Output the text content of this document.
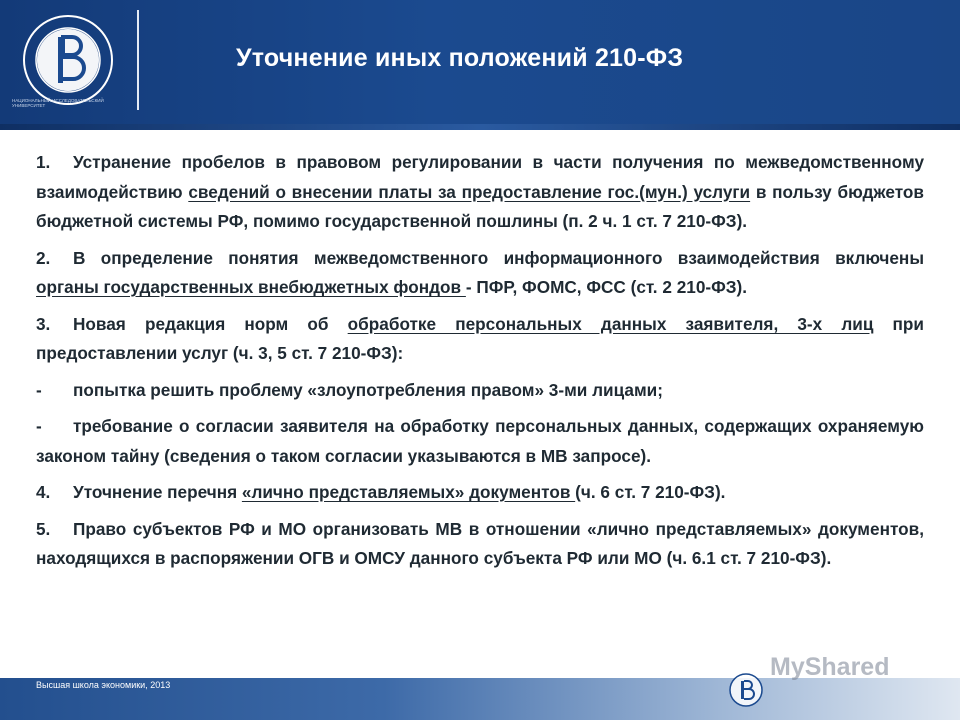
НАЦИОНАЛЬНЫЙ ИССЛЕДОВАТЕЛЬСКИЙ УНИВЕРСИТЕТ
Уточнение иных положений 210-ФЗ

1. Устранение пробелов в правовом регулировании в части получения по межведомственному взаимодействию сведений о внесении платы за предоставление гос.(мун.) услуги в пользу бюджетов бюджетной системы РФ, помимо государственной пошлины (п. 2 ч. 1 ст. 7 210-ФЗ).

2. В определение понятия межведомственного информационного взаимодействия включены органы государственных внебюджетных фондов - ПФР, ФОМС, ФСС (ст. 2 210-ФЗ).

3. Новая редакция норм об обработке персональных данных заявителя, 3-х лиц при предоставлении услуг (ч. 3, 5 ст. 7 210-ФЗ):

- попытка решить проблему «злоупотребления правом» 3-ми лицами;

- требование о согласии заявителя на обработку персональных данных, содержащих охраняемую законом тайну (сведения о таком согласии указываются в МВ запросе).

4. Уточнение перечня «лично представляемых» документов (ч. 6 ст. 7 210-ФЗ).

5. Право субъектов РФ и МО организовать МВ в отношении «лично представляемых» документов, находящихся в распоряжении ОГВ и ОМСУ данного субъекта РФ или МО (ч. 6.1 ст. 7 210-ФЗ).

Высшая школа экономики, 2013
MyShared
